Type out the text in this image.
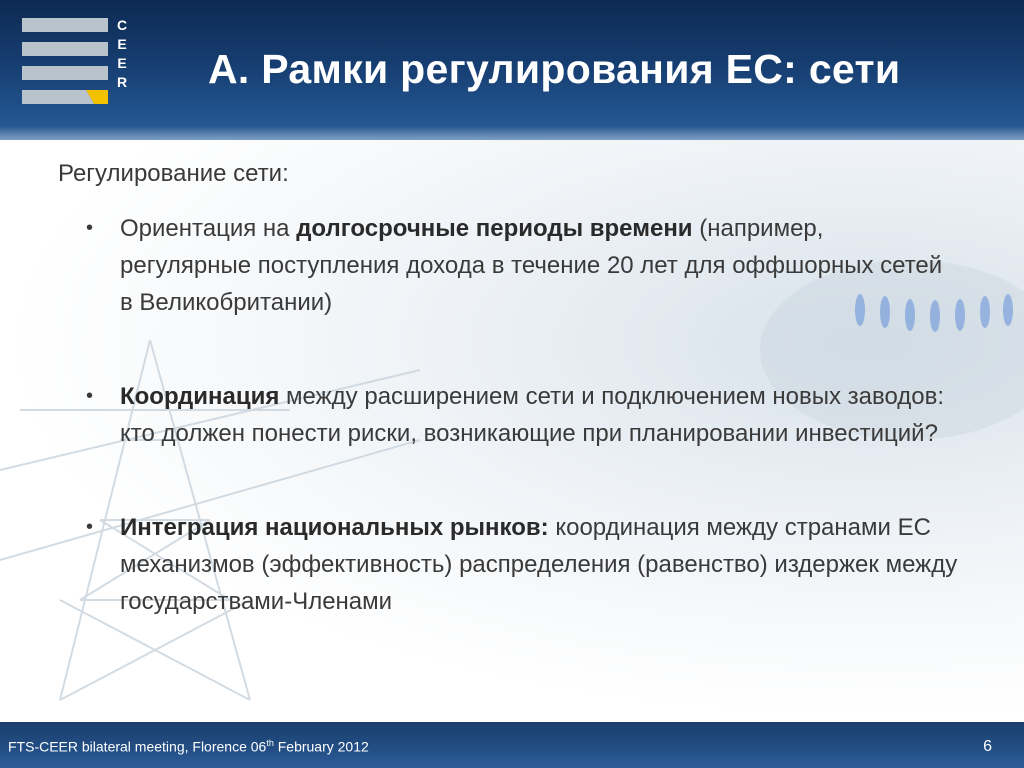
C
E
E
R A. Рамки регулирования ЕС: сети

Регулирование сети:

• Ориентация на долгосрочные периоды времени (например, регулярные поступления дохода в течение 20 лет для оффшорных сетей в Великобритании)
• Координация между расширением сети и подключением новых заводов: кто должен понести риски, возникающие при планировании инвестиций?
• Интеграция национальных рынков: координация между странами ЕС механизмов (эффективность) распределения (равенство) издержек между государствами-Членами
FTS-CEER bilateral meeting, Florence 06th February 2012	6
